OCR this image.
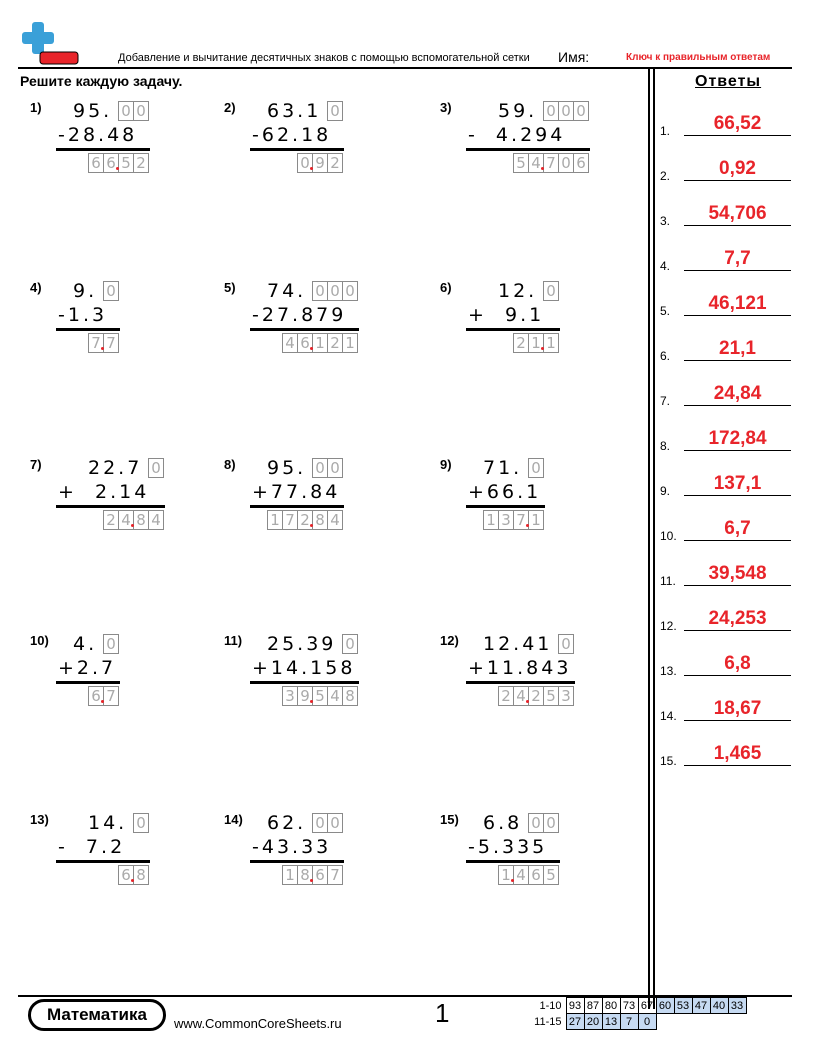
Добавление и вычитание десятичных знаков с помощью вспомогательной сетки Имя:	Ключ к правильным ответам
Решите каждую задачу.	Ответы
1.	66,52
2.	0,92
3.	54,706
4.	7,7
5.	46,121
6.	21,1
7.	24,84
8.	172,84
9.	137,1
10.	6,7
11.	39,548
12.	24,253
13.	6,8
14.	18,67
15.	1,465
1) 95. 0 0
-28.48
6 6 5 2
2) 63.1 0
-62.18
0 9 2
3) 59. 0 0 0
-  4.294
5 4 7 0 6
4) 9. 0
-1.3
7 7
5) 74. 0 0 0
-27.879
4 6 1 2 1
6) 12. 0
+  9.1
2 1 1
7) 22.7 0
+  2.14
2 4 8 4
8) 95. 0 0
+77.84
1 7 2 8 4
9) 71. 0
+66.1
1 3 7 1
10) 4. 0
+2.7
6 7
11) 25.39 0
+14.158
3 9 5 4 8
12) 12.41 0
+11.843
2 4 2 5 3
13) 14. 0
-  7.2
6 8
14) 62. 0 0
-43.33
1 8 6 7
15) 6.8 0 0
-5.335
1 4 6 5
Математика	www.CommonCoreSheets.ru	1	1-10	93	87	80	73	67	60	53	47	40	33
11-15	27	20	13	7	0					
